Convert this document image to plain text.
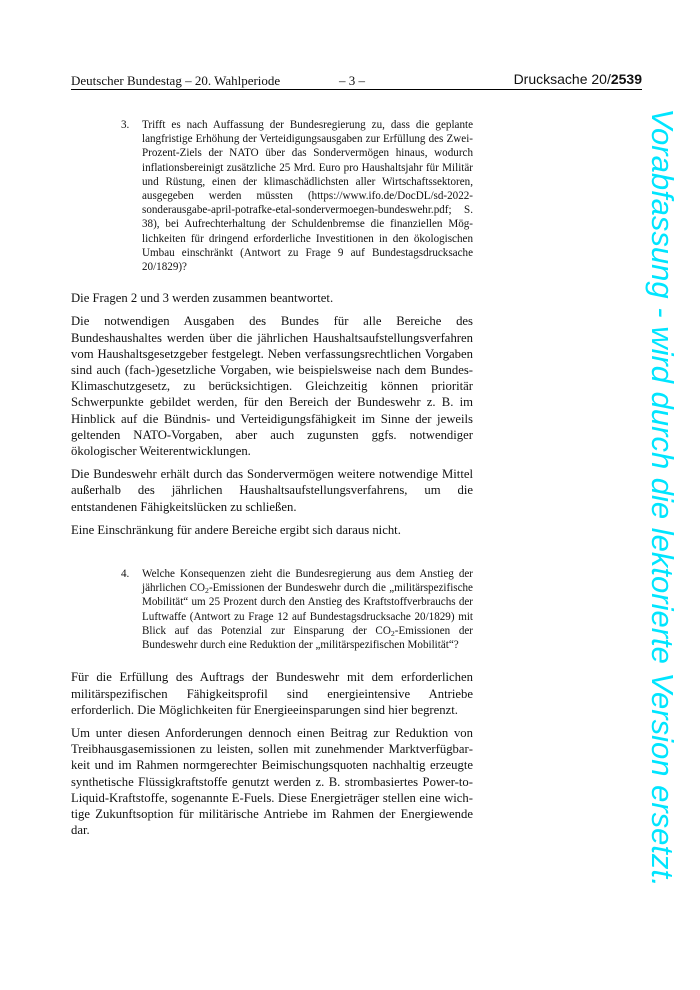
Deutscher Bundestag – 20. Wahlperiode	– 3 –	Drucksache 20/2539
3.	Trifft es nach Auffassung der Bundesregierung zu, dass die geplante langfristige Erhöhung der Verteidigungsausgaben zur Erfüllung des Zwei-Prozent-Ziels der NATO über das Sondervermögen hinaus, wodurch inflationsbereinigt zusätzliche 25 Mrd. Euro pro Haushaltsjahr für Militär und Rüstung, einen der klimaschädlichsten aller Wirtschaftssektoren, ausgegeben werden müssten (https://www.ifo.de/DocDL/sd-2022-sonderausgabe-april-potrafke-etal-sondervermoegen-bundeswehr.pdf; S. 38), bei Aufrechterhaltung der Schuldenbremse die finanziellen Möglichkeiten für dringend erforderliche Investitionen in den ökologischen Umbau einschränkt (Antwort zu Frage 9 auf Bundestagsdrucksache 20/1829)?

Die Fragen 2 und 3 werden zusammen beantwortet.

Die notwendigen Ausgaben des Bundes für alle Bereiche des Bundeshaushaltes werden über die jährlichen Haushaltsaufstellungsverfahren vom Haushaltsgesetzgeber festgelegt. Neben verfassungsrechtlichen Vorgaben sind auch (fach-)gesetzliche Vorgaben, wie beispielsweise nach dem Bundes-Klimaschutzgesetz, zu berücksichtigen. Gleichzeitig können prioritär Schwerpunkte gebildet werden, für den Bereich der Bundeswehr z. B. im Hinblick auf die Bündnis- und Verteidigungsfähigkeit im Sinne der jeweils geltenden NATO-Vorgaben, aber auch zugunsten ggfs. notwendiger ökologischer Weiterentwicklungen.

Die Bundeswehr erhält durch das Sondervermögen weitere notwendige Mittel außerhalb des jährlichen Haushaltsaufstellungsverfahrens, um die entstandenen Fähigkeitslücken zu schließen.

Eine Einschränkung für andere Bereiche ergibt sich daraus nicht.

4.	Welche Konsequenzen zieht die Bundesregierung aus dem Anstieg der jährlichen $CO_2$-Emissionen der Bundeswehr durch die „militärspezifische Mobilität“ um 25 Prozent durch den Anstieg des Kraftstoffverbrauchs der Luftwaffe (Antwort zu Frage 12 auf Bundestagsdrucksache 20/1829) mit Blick auf das Potenzial zur Einsparung der $CO_2$-Emissionen der Bundeswehr durch eine Reduktion der „militärspezifischen Mobilität“?

Für die Erfüllung des Auftrags der Bundeswehr mit dem erforderlichen militärspezifischen Fähigkeitsprofil sind energieintensive Antriebe erforderlich. Die Möglichkeiten für Energieeinsparungen sind hier begrenzt.

Um unter diesen Anforderungen dennoch einen Beitrag zur Reduktion von Treibhausgasemissionen zu leisten, sollen mit zunehmender Marktverfügbarkeit und im Rahmen normgerechter Beimischungsquoten nachhaltig erzeugte synthetische Flüssigkraftstoffe genutzt werden z. B. strombasiertes Power-to-Liquid-Kraftstoffe, sogenannte E-Fuels. Diese Energieträger stellen eine wichtige Zukunftsoption für militärische Antriebe im Rahmen der Energiewende dar.	Vorabfassung - wird durch die lektorierte Version ersetzt.
